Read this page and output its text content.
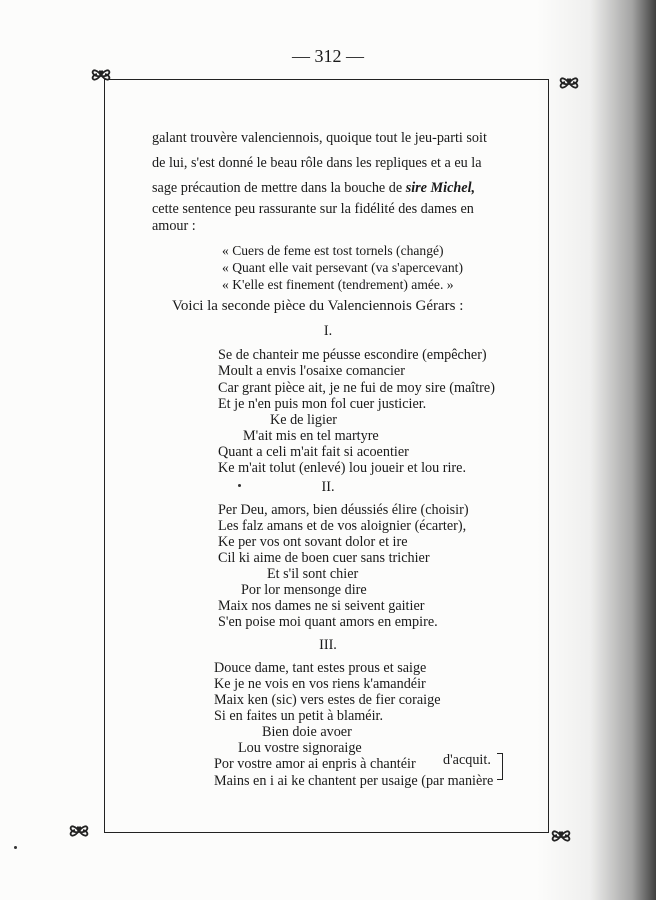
— 312 —
galant trouvère valenciennois, quoique tout le jeu-parti soit
de lui, s'est donné le beau rôle dans les repliques et a eu la
sage précaution de mettre dans la bouche de sire Michel,
cette sentence peu rassurante sur la fidélité des dames en
amour :
« Cuers de feme est tost tornels (changé)
« Quant elle vait persevant (va s'apercevant)
« K'elle est finement (tendrement) amée. »
Voici la seconde pièce du Valenciennois Gérars :
I.
Se de chanteir me péusse escondire (empêcher)
Moult a envis l'osaixe comancier
Car grant pièce ait, je ne fui de moy sire (maître)
Et je n'en puis mon fol cuer justicier.
Ke de ligier
M'ait mis en tel martyre
Quant a celi m'ait fait si acoentier
Ke m'ait tolut (enlevé) lou joueir et lou rire.
II.
Per Deu, amors, bien déussiés élire (choisir)
Les falz amans et de vos aloignier (écarter),
Ke per vos ont sovant dolor et ire
Cil ki aime de boen cuer sans trichier
Et s'il sont chier
Por lor mensonge dire
Maix nos dames ne si seivent gaitier
S'en poise moi quant amors en empire.
III.
Douce dame, tant estes prous et saige
Ke je ne vois en vos riens k'amandéir
Maix ken (sic) vers estes de fier coraige
Si en faites un petit à blaméir.
Bien doie avoer
Lou vostre signoraige
Por vostre amor ai enpris à chantéir d'acquit.
Mains en i ai ke chantent per usaige (par manière
